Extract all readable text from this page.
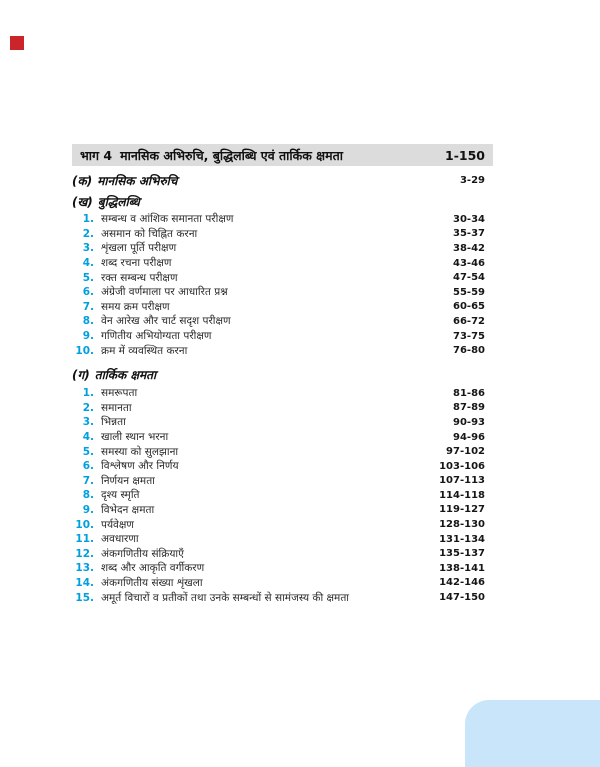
भाग 4 मानसिक अभिरुचि, बुद्धिलब्धि एवं तार्किक क्षमता	1-150
(क) मानसिक अभिरुचि	3-29
(ख) बुद्धिलब्धि
1. सम्बन्ध व आंशिक समानता परीक्षण	30-34
2. असमान को चिह्नित करना	35-37
3. शृंखला पूर्ति परीक्षण	38-42
4. शब्द रचना परीक्षण	43-46
5. रक्त सम्बन्ध परीक्षण	47-54
6. अंग्रेजी वर्णमाला पर आधारित प्रश्न	55-59
7. समय क्रम परीक्षण	60-65
8. वेन आरेख और चार्ट सदृश परीक्षण	66-72
9. गणितीय अभियोग्यता परीक्षण	73-75
10. क्रम में व्यवस्थित करना	76-80
(ग) तार्किक क्षमता
1. समरूपता	81-86
2. समानता	87-89
3. भिन्नता	90-93
4. खाली स्थान भरना	94-96
5. समस्या को सुलझाना	97-102
6. विश्लेषण और निर्णय	103-106
7. निर्णयन क्षमता	107-113
8. दृश्य स्मृति	114-118
9. विभेदन क्षमता	119-127
10. पर्यवेक्षण	128-130
11. अवधारणा	131-134
12. अंकगणितीय संक्रियाएँ	135-137
13. शब्द और आकृति वर्गीकरण	138-141
14. अंकगणितीय संख्या शृंखला	142-146
15. अमूर्त विचारों व प्रतीकों तथा उनके सम्बन्धों से सामंजस्य की क्षमता	147-150
